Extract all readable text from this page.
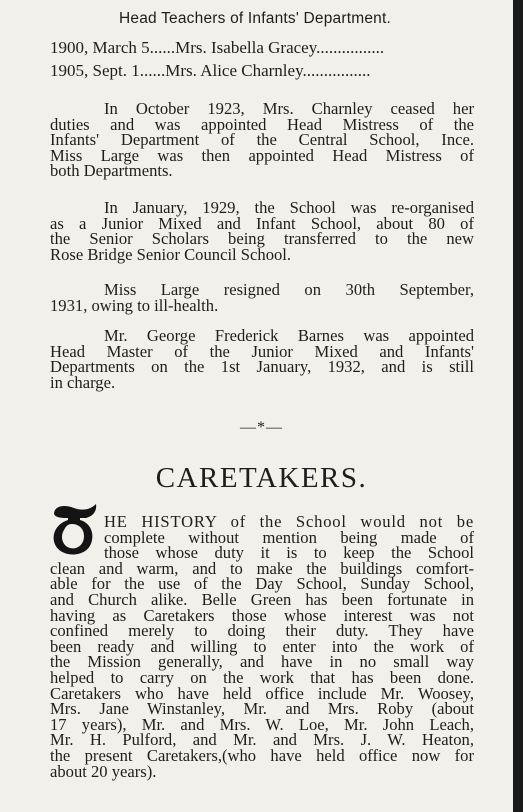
Head Teachers of Infants' Department.
1900, March 5......Mrs. Isabella Gracey................
1905, Sept. 1......Mrs. Alice Charnley................
In October 1923, Mrs. Charnley ceased her
duties and was appointed Head Mistress of the
Infants' Department of the Central School, Ince.
Miss Large was then appointed Head Mistress of
both Departments.
In January, 1929, the School was re-organised
as a Junior Mixed and Infant School, about 80 of
the Senior Scholars being transferred to the new
Rose Bridge Senior Council School.
Miss Large resigned on 30th September,
1931, owing to ill-health.
Mr. George Frederick Barnes was appointed
Head Master of the Junior Mixed and Infants'
Departments on the 1st January, 1932, and is still
in charge.
—*—
CARETAKERS.
HE HISTORY of the School would not be
complete without mention being made of
those whose duty it is to keep the School
clean and warm, and to make the buildings comfort-
able for the use of the Day School, Sunday School,
and Church alike. Belle Green has been fortunate in
having as Caretakers those whose interest was not
confined merely to doing their duty. They have
been ready and willing to enter into the work of
the Mission generally, and have in no small way
helped to carry on the work that has been done.
Caretakers who have held office include Mr. Woosey,
Mrs. Jane Winstanley, Mr. and Mrs. Roby (about
17 years), Mr. and Mrs. W. Loe, Mr. John Leach,
Mr. H. Pulford, and Mr. and Mrs. J. W. Heaton,
the present Caretakers,(who have held office now for
about 20 years).
